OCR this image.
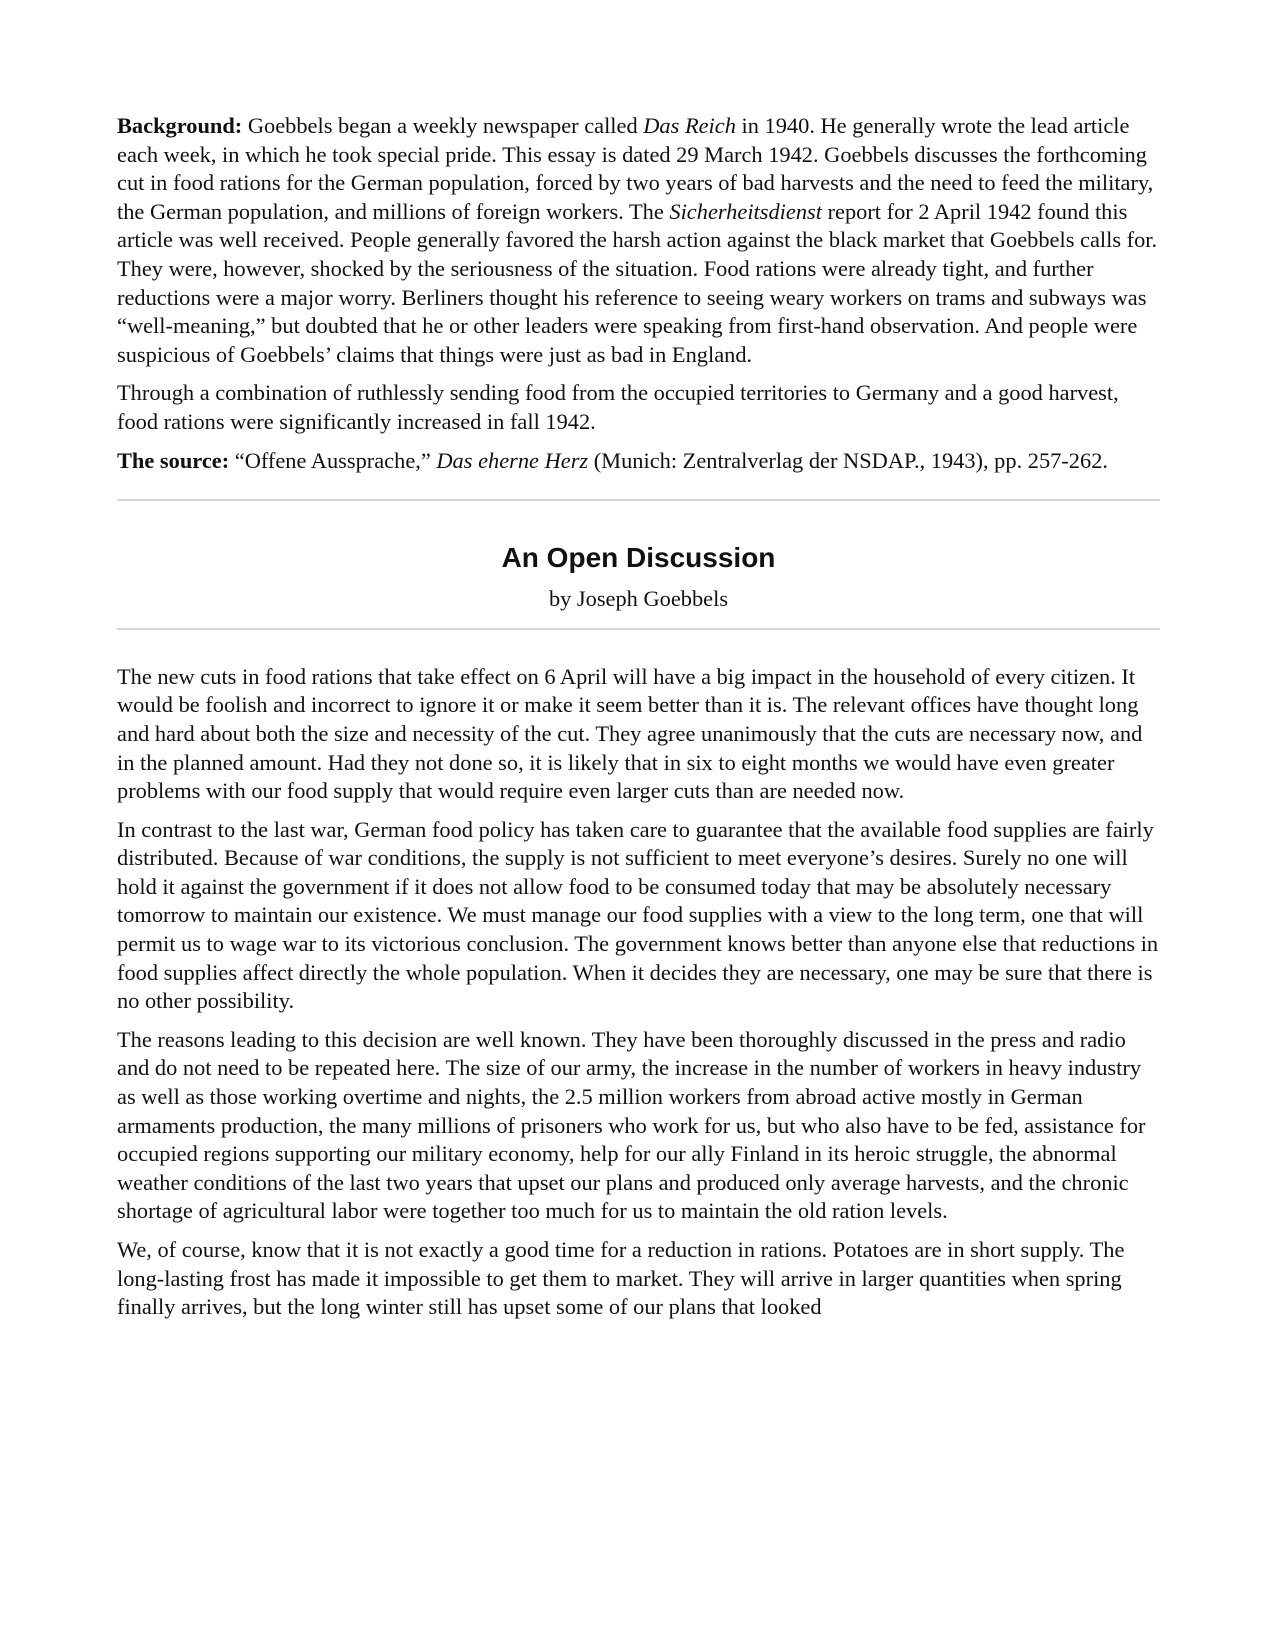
Background: Goebbels began a weekly newspaper called Das Reich in 1940. He generally wrote the lead article each week, in which he took special pride. This essay is dated 29 March 1942. Goebbels discusses the forthcoming cut in food rations for the German population, forced by two years of bad harvests and the need to feed the military, the German population, and millions of foreign workers. The Sicherheitsdienst report for 2 April 1942 found this article was well received. People generally favored the harsh action against the black market that Goebbels calls for. They were, however, shocked by the seriousness of the situation. Food rations were already tight, and further reductions were a major worry. Berliners thought his reference to seeing weary workers on trams and subways was “well-meaning,” but doubted that he or other leaders were speaking from first-hand observation. And people were suspicious of Goebbels’ claims that things were just as bad in England.

Through a combination of ruthlessly sending food from the occupied territories to Germany and a good harvest, food rations were significantly increased in fall 1942.

The source: “Offene Aussprache,” Das eherne Herz (Munich: Zentralverlag der NSDAP., 1943), pp. 257-262.

An Open Discussion

by Joseph Goebbels

The new cuts in food rations that take effect on 6 April will have a big impact in the household of every citizen. It would be foolish and incorrect to ignore it or make it seem better than it is. The relevant offices have thought long and hard about both the size and necessity of the cut. They agree unanimously that the cuts are necessary now, and in the planned amount. Had they not done so, it is likely that in six to eight months we would have even greater problems with our food supply that would require even larger cuts than are needed now.

In contrast to the last war, German food policy has taken care to guarantee that the available food supplies are fairly distributed. Because of war conditions, the supply is not sufficient to meet everyone’s desires. Surely no one will hold it against the government if it does not allow food to be consumed today that may be absolutely necessary tomorrow to maintain our existence. We must manage our food supplies with a view to the long term, one that will permit us to wage war to its victorious conclusion. The government knows better than anyone else that reductions in food supplies affect directly the whole population. When it decides they are necessary, one may be sure that there is no other possibility.

The reasons leading to this decision are well known. They have been thoroughly discussed in the press and radio and do not need to be repeated here. The size of our army, the increase in the number of workers in heavy industry as well as those working overtime and nights, the 2.5 million workers from abroad active mostly in German armaments production, the many millions of prisoners who work for us, but who also have to be fed, assistance for occupied regions supporting our military economy, help for our ally Finland in its heroic struggle, the abnormal weather conditions of the last two years that upset our plans and produced only average harvests, and the chronic shortage of agricultural labor were together too much for us to maintain the old ration levels.

We, of course, know that it is not exactly a good time for a reduction in rations. Potatoes are in short supply. The long-lasting frost has made it impossible to get them to market. They will arrive in larger quantities when spring finally arrives, but the long winter still has upset some of our plans that looked
